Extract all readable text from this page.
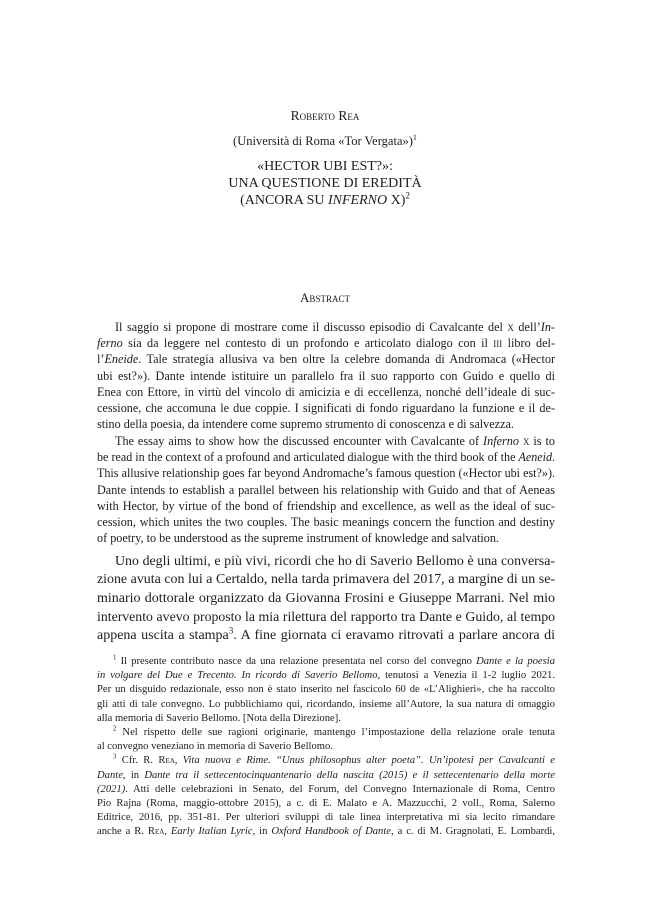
Roberto Rea
(Università di Roma «Tor Vergata»)$^1$
«HECTOR UBI EST?»:
UNA QUESTIONE DI EREDITÀ
(ANCORA SU INFERNO X)$^2$
Abstract
Il saggio si propone di mostrare come il discusso episodio di Cavalcante del x dell’In-
ferno sia da leggere nel contesto di un profondo e articolato dialogo con il iii libro del-
l’Eneide. Tale strategia allusiva va ben oltre la celebre domanda di Andromaca («Hector
ubi est?»). Dante intende istituire un parallelo fra il suo rapporto con Guido e quello di
Enea con Ettore, in virtù del vincolo di amicizia e di eccellenza, nonché dell’ideale di suc-
cessione, che accomuna le due coppie. I significati di fondo riguardano la funzione e il de-
stino della poesia, da intendere come supremo strumento di conoscenza e di salvezza.
The essay aims to show how the discussed encounter with Cavalcante of Inferno x is to
be read in the context of a profound and articulated dialogue with the third book of the Aeneid.
This allusive relationship goes far beyond Andromache’s famous question («Hector ubi est?»).
Dante intends to establish a parallel between his relationship with Guido and that of Aeneas
with Hector, by virtue of the bond of friendship and excellence, as well as the ideal of suc-
cession, which unites the two couples. The basic meanings concern the function and destiny
of poetry, to be understood as the supreme instrument of knowledge and salvation.
Uno degli ultimi, e più vivi, ricordi che ho di Saverio Bellomo è una conversa-
zione avuta con lui a Certaldo, nella tarda primavera del 2017, a margine di un se-
minario dottorale organizzato da Giovanna Frosini e Giuseppe Marrani. Nel mio
intervento avevo proposto la mia rilettura del rapporto tra Dante e Guido, al tempo
appena uscita a stampa$^3$. A fine giornata ci eravamo ritrovati a parlare ancora di
$^1$ Il presente contributo nasce da una relazione presentata nel corso del convegno Dante e la poesia
in volgare del Due e Trecento. In ricordo di Saverio Bellomo, tenutosi a Venezia il 1-2 luglio 2021.
Per un disguido redazionale, esso non è stato inserito nel fascicolo 60 de «L’Alighieri», che ha raccolto
gli atti di tale convegno. Lo pubblichiamo qui, ricordando, insieme all’Autore, la sua natura di omaggio
alla memoria di Saverio Bellomo. [Nota della Direzione].
$^2$ Nel rispetto delle sue ragioni originarie, mantengo l’impostazione della relazione orale tenuta
al convegno veneziano in memoria di Saverio Bellomo.
$^3$ Cfr. R. Rea, Vita nuova e Rime. “Unus philosophus alter poeta”. Un’ipotesi per Cavalcanti e
Dante, in Dante tra il settecentocinquantenario della nascita (2015) e il settecentenario della morte
(2021). Atti delle celebrazioni in Senato, del Forum, del Convegno Internazionale di Roma, Centro
Pio Rajna (Roma, maggio-ottobre 2015), a c. di E. Malato e A. Mazzucchi, 2 voll., Roma, Salerno
Editrice, 2016, pp. 351-81. Per ulteriori sviluppi di tale linea interpretativa mi sia lecito rimandare
anche a R. Rea, Early Italian Lyric, in Oxford Handbook of Dante, a c. di M. Gragnolati, E. Lombardi,
